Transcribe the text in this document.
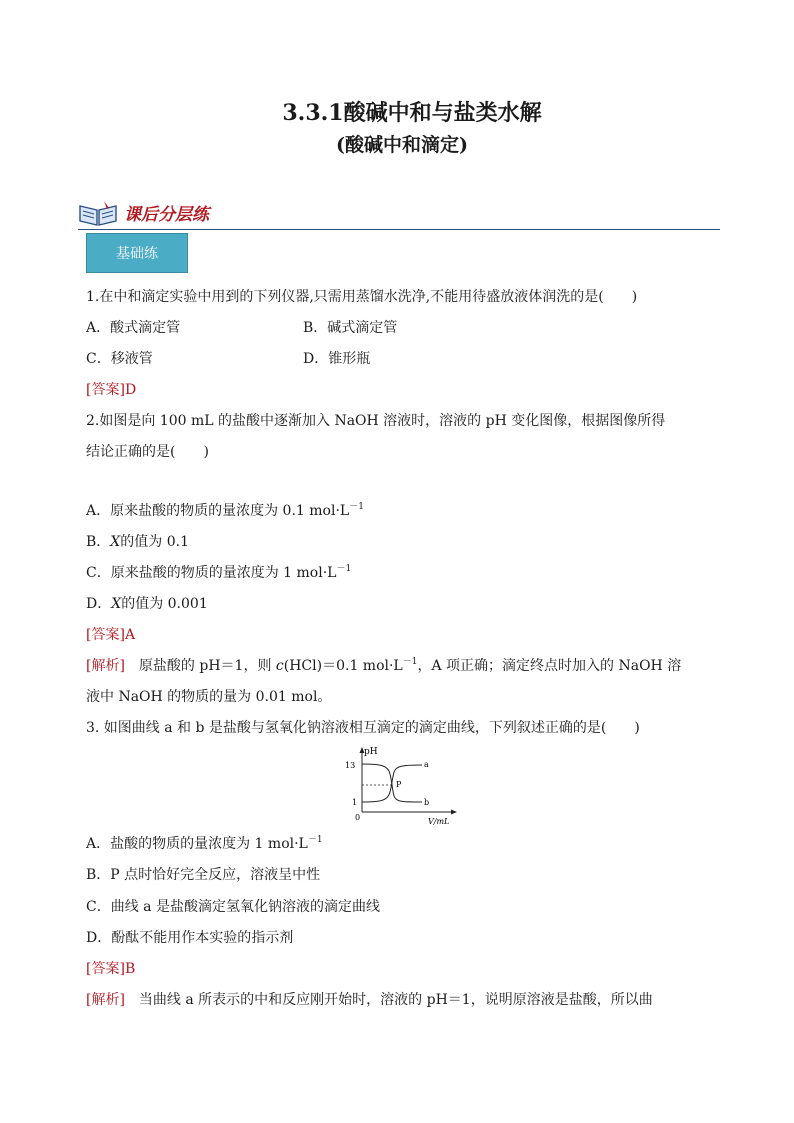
3.3.1酸碱中和与盐类水解
(酸碱中和滴定)
课后分层练
基础练
1.在中和滴定实验中用到的下列仪器,只需用蒸馏水洗净,不能用待盛放液体润洗的是(　　)
A．酸式滴定管	B．碱式滴定管
C．移液管	D．锥形瓶
[答案]D
2.如图是向 100 mL 的盐酸中逐渐加入 NaOH 溶液时，溶液的 pH 变化图像，根据图像所得
结论正确的是(　　)
A．原来盐酸的物质的量浓度为 0.1 $mol\cdot L^{-1}$
B．X的值为 0.1
C．原来盐酸的物质的量浓度为 1 $mol\cdot L^{-1}$
D．X的值为 0.001
[答案]A
[解析]　原盐酸的 pH＝1，则 c(HCl)＝0.1 $mol\cdot L^{-1}$，A 项正确；滴定终点时加入的 NaOH 溶
液中 NaOH 的物质的量为 0.01 mol。
3. 如图曲线 a 和 b 是盐酸与氢氧化钠溶液相互滴定的滴定曲线，下列叙述正确的是(　　)
pH
V/mL
13
7
1
0
P
a
b
A．盐酸的物质的量浓度为 1 $mol\cdot L^{-1}$
B．P 点时恰好完全反应，溶液呈中性
C．曲线 a 是盐酸滴定氢氧化钠溶液的滴定曲线
D．酚酞不能用作本实验的指示剂
[答案]B
[解析]　当曲线 a 所表示的中和反应刚开始时，溶液的 pH＝1，说明原溶液是盐酸，所以曲
